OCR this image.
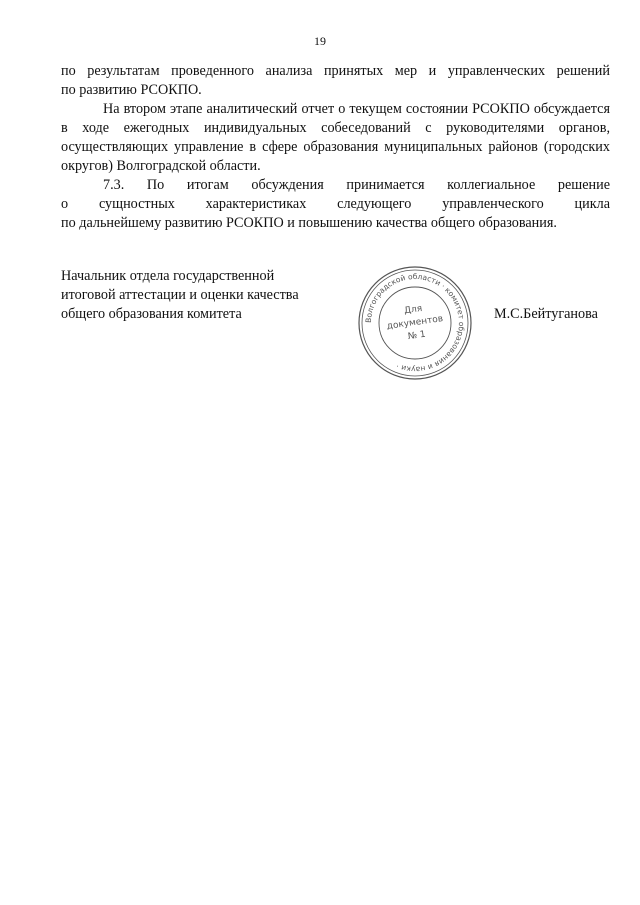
19

по результатам проведенного анализа принятых мер и управленческих решений

по развитию РСОКПО.

На втором этапе аналитический отчет о текущем состоянии РСОКПО обсуждается в ходе ежегодных индивидуальных собеседований с руководителями органов, осуществляющих управление в сфере образования муниципальных районов (городских округов) Волгоградской области.

7.3. По итогам обсуждения принимается коллегиальное решение

о сущностных характеристиках следующего управленческого цикла

по дальнейшему развитию РСОКПО и повышению качества общего образования.

Начальник отдела государственной
итоговой аттестации и оценки качества
общего образования комитета	Волгоградской области · комитет образования и науки ·
Для
документов
№ 1
М.С.Бейтуганова
